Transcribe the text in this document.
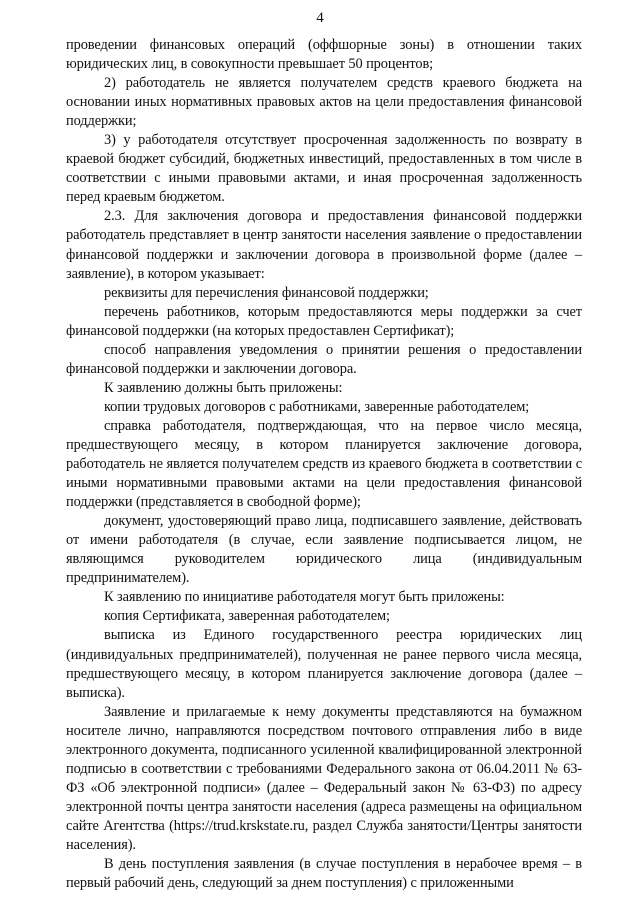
4

проведении финансовых операций (оффшорные зоны) в отношении таких юридических лиц, в совокупности превышает 50 процентов;

2) работодатель не является получателем средств краевого бюджета на основании иных нормативных правовых актов на цели предоставления финансовой поддержки;

3) у работодателя отсутствует просроченная задолженность по возврату в краевой бюджет субсидий, бюджетных инвестиций, предоставленных в том числе в соответствии с иными правовыми актами, и иная просроченная задолженность перед краевым бюджетом.

2.3. Для заключения договора и предоставления финансовой поддержки работодатель представляет в центр занятости населения заявление о предоставлении финансовой поддержки и заключении договора в произвольной форме (далее – заявление), в котором указывает:

реквизиты для перечисления финансовой поддержки;

перечень работников, которым предоставляются меры поддержки за счет финансовой поддержки (на которых предоставлен Сертификат);

способ направления уведомления о принятии решения о предоставлении финансовой поддержки и заключении договора.

К заявлению должны быть приложены:

копии трудовых договоров с работниками, заверенные работодателем;

справка работодателя, подтверждающая, что на первое число месяца, предшествующего месяцу, в котором планируется заключение договора, работодатель не является получателем средств из краевого бюджета в соответствии с иными нормативными правовыми актами на цели предоставления финансовой поддержки (представляется в свободной форме);

документ, удостоверяющий право лица, подписавшего заявление, действовать от имени работодателя (в случае, если заявление подписывается лицом, не являющимся руководителем юридического лица (индивидуальным предпринимателем).

К заявлению по инициативе работодателя могут быть приложены:

копия Сертификата, заверенная работодателем;

выписка из Единого государственного реестра юридических лиц (индивидуальных предпринимателей), полученная не ранее первого числа месяца, предшествующего месяцу, в котором планируется заключение договора (далее – выписка).

Заявление и прилагаемые к нему документы представляются на бумажном носителе лично, направляются посредством почтового отправления либо в виде электронного документа, подписанного усиленной квалифицированной электронной подписью в соответствии с требованиями Федерального закона от 06.04.2011 № 63-ФЗ «Об электронной подписи» (далее – Федеральный закон № 63-ФЗ) по адресу электронной почты центра занятости населения (адреса размещены на официальном сайте Агентства (https://trud.krskstate.ru, раздел Служба занятости/Центры занятости населения).

В день поступления заявления (в случае поступления в нерабочее время – в первый рабочий день, следующий за днем поступления) с приложенными
